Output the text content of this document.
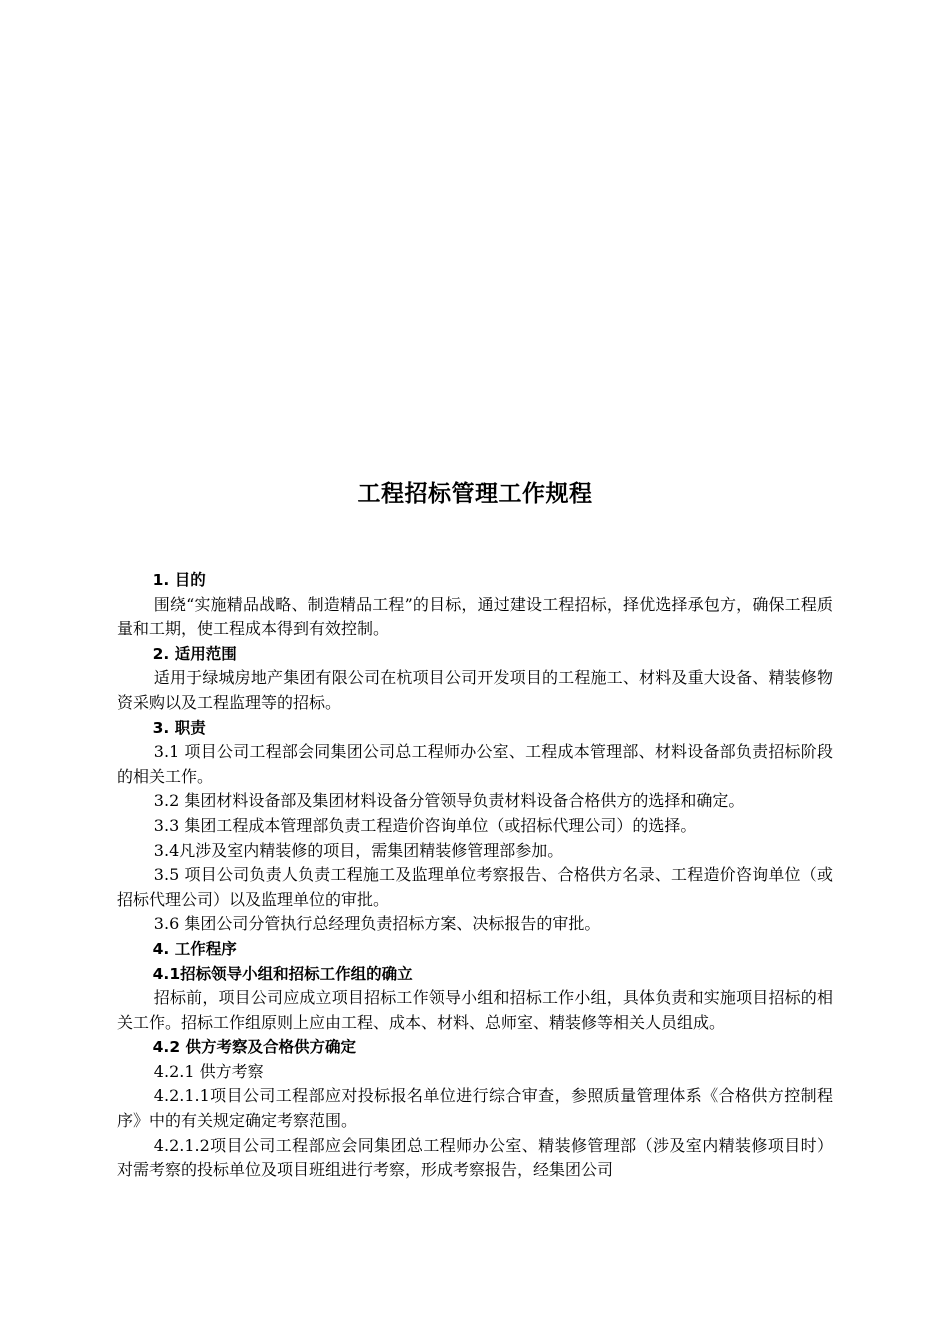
工程招标管理工作规程

1. 目的

围绕“实施精品战略、制造精品工程”的目标，通过建设工程招标，择优选择承包方，确保工程质量和工期，使工程成本得到有效控制。

2. 适用范围

适用于绿城房地产集团有限公司在杭项目公司开发项目的工程施工、材料及重大设备、精装修物资采购以及工程监理等的招标。

3. 职责

3.1 项目公司工程部会同集团公司总工程师办公室、工程成本管理部、材料设备部负责招标阶段的相关工作。

3.2 集团材料设备部及集团材料设备分管领导负责材料设备合格供方的选择和确定。

3.3 集团工程成本管理部负责工程造价咨询单位（或招标代理公司）的选择。

3.4凡涉及室内精装修的项目，需集团精装修管理部参加。

3.5 项目公司负责人负责工程施工及监理单位考察报告、合格供方名录、工程造价咨询单位（或招标代理公司）以及监理单位的审批。

3.6 集团公司分管执行总经理负责招标方案、决标报告的审批。

4. 工作程序

4.1招标领导小组和招标工作组的确立

招标前，项目公司应成立项目招标工作领导小组和招标工作小组，具体负责和实施项目招标的相关工作。招标工作组原则上应由工程、成本、材料、总师室、精装修等相关人员组成。

4.2 供方考察及合格供方确定

4.2.1 供方考察

4.2.1.1项目公司工程部应对投标报名单位进行综合审查，参照质量管理体系《合格供方控制程序》中的有关规定确定考察范围。

4.2.1.2项目公司工程部应会同集团总工程师办公室、精装修管理部（涉及室内精装修项目时）对需考察的投标单位及项目班组进行考察，形成考察报告，经集团公司
